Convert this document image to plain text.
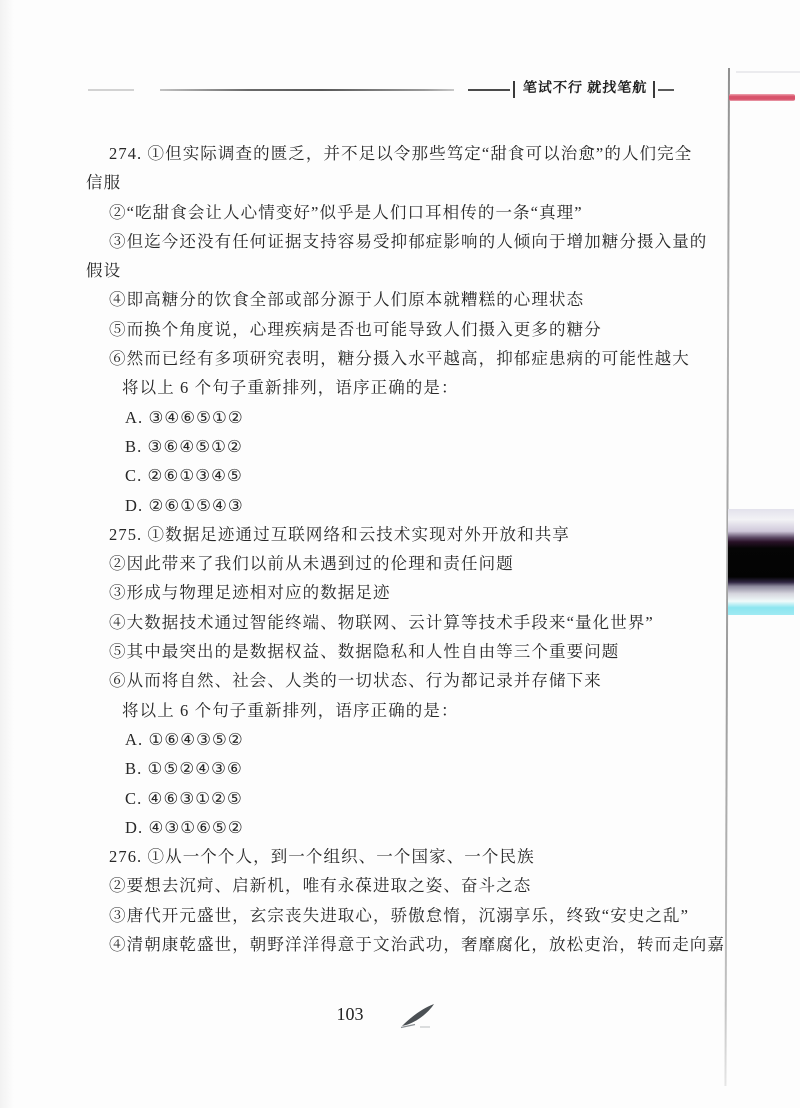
笔试不行 就找笔航
274. ①但实际调查的匮乏，并不足以令那些笃定“甜食可以治愈”的人们完全
信服
②“吃甜食会让人心情变好”似乎是人们口耳相传的一条“真理”
③但迄今还没有任何证据支持容易受抑郁症影响的人倾向于增加糖分摄入量的
假设
④即高糖分的饮食全部或部分源于人们原本就糟糕的心理状态
⑤而换个角度说，心理疾病是否也可能导致人们摄入更多的糖分
⑥然而已经有多项研究表明，糖分摄入水平越高，抑郁症患病的可能性越大
将以上 6 个句子重新排列，语序正确的是：
A. ③④⑥⑤①②
B. ③⑥④⑤①②
C. ②⑥①③④⑤
D. ②⑥①⑤④③
275. ①数据足迹通过互联网络和云技术实现对外开放和共享
②因此带来了我们以前从未遇到过的伦理和责任问题
③形成与物理足迹相对应的数据足迹
④大数据技术通过智能终端、物联网、云计算等技术手段来“量化世界”
⑤其中最突出的是数据权益、数据隐私和人性自由等三个重要问题
⑥从而将自然、社会、人类的一切状态、行为都记录并存储下来
将以上 6 个句子重新排列，语序正确的是：
A. ①⑥④③⑤②
B. ①⑤②④③⑥
C. ④⑥③①②⑤
D. ④③①⑥⑤②
276. ①从一个个人，到一个组织、一个国家、一个民族
②要想去沉疴、启新机，唯有永葆进取之姿、奋斗之态
③唐代开元盛世，玄宗丧失进取心，骄傲怠惰，沉溺享乐，终致“安史之乱”
④清朝康乾盛世，朝野洋洋得意于文治武功，奢靡腐化，放松吏治，转而走向嘉
103
